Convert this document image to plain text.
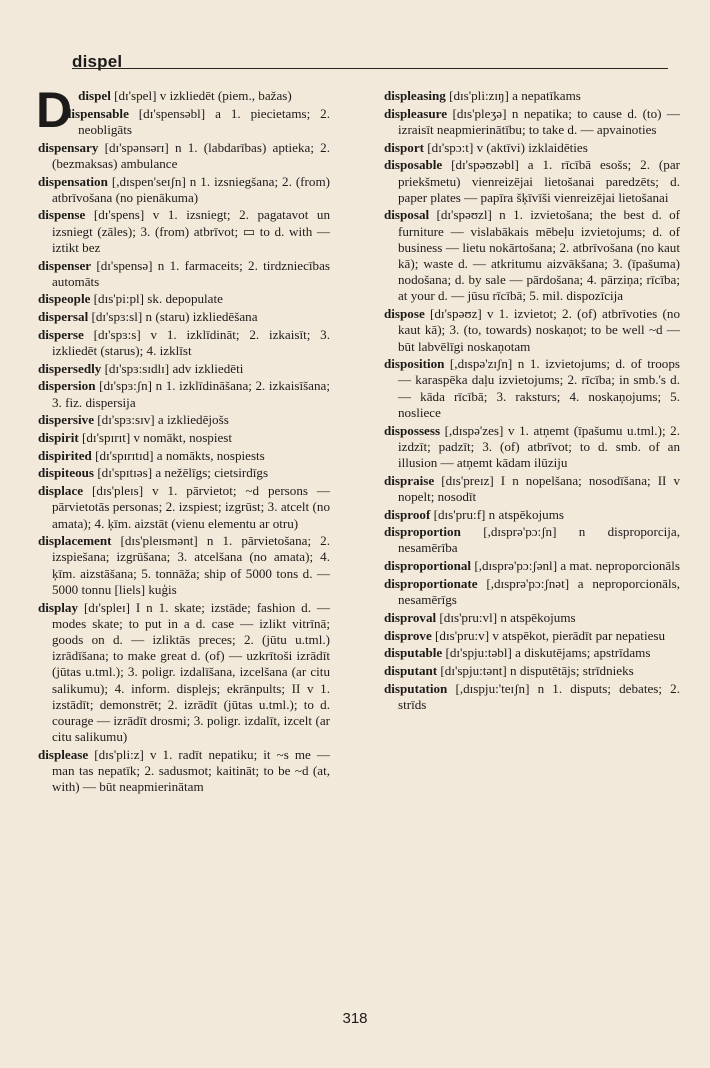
dispel

Ddispel [dɪ'spel] v izkliedēt (piem., bažas)

dispensable [dɪ'spensəbl] a 1. piecietams; 2. neobligāts

dispensary [dɪ'spənsərɪ] n 1. (labdarības) aptieka; 2. (bezmaksas) ambulance

dispensation [,dɪspen'seɪʃn] n 1. izsniegšana; 2. (from) atbrīvošana (no pienākuma)

dispense [dɪ'spens] v 1. izsniegt; 2. pagatavot un izsniegt (zāles); 3. (from) atbrīvot; ▭ to d. with — iztikt bez

dispenser [dɪ'spensə] n 1. farmaceits; 2. tirdzniecības automāts

dispeople [dɪs'pi:pl] sk. depopulate

dispersal [dɪ'spɜ:sl] n (staru) izkliedēšana

disperse [dɪ'spɜ:s] v 1. izklīdināt; 2. izkaisīt; 3. izkliedēt (starus); 4. izklīst

dispersedly [dɪ'spɜ:sɪdlɪ] adv izkliedēti

dispersion [dɪ'spɜ:ʃn] n 1. izklīdināšana; 2. izkaisīšana; 3. fiz. dispersija

dispersive [dɪ'spɜ:sɪv] a izkliedējošs

dispirit [dɪ'spɪrɪt] v nomākt, nospiest

dispirited [dɪ'spɪrɪtɪd] a nomākts, nospiests

dispiteous [dɪ'spɪtɪəs] a nežēlīgs; cietsirdīgs

displace [dɪs'pleɪs] v 1. pārvietot; ~d persons — pārvietotās personas; 2. izspiest; izgrūst; 3. atcelt (no amata); 4. ķīm. aizstāt (vienu elementu ar otru)

displacement [dɪs'pleɪsmənt] n 1. pārvietošana; 2. izspiešana; izgrūšana; 3. atcelšana (no amata); 4. ķīm. aizstāšana; 5. tonnāža; ship of 5000 tons d. — 5000 tonnu [liels] kuģis

display [dɪ'spleɪ] I n 1. skate; izstāde; fashion d. — modes skate; to put in a d. case — izlikt vitrīnā; goods on d. — izliktās preces; 2. (jūtu u.tml.) izrādīšana; to make great d. (of) — uzkrītoši izrādīt (jūtas u.tml.); 3. poligr. izdalīšana, izcelšana (ar citu salikumu); 4. inform. displejs; ekrānpults; II v 1. izstādīt; demonstrēt; 2. izrādīt (jūtas u.tml.); to d. courage — izrādīt drosmi; 3. poligr. izdalīt, izcelt (ar citu salikumu)

displease [dɪs'pli:z] v 1. radīt nepatiku; it ~s me — man tas nepatīk; 2. sadusmot; kaitināt; to be ~d (at, with) — būt neapmierinātam

displeasing [dɪs'pli:zɪŋ] a nepatīkams

displeasure [dɪs'pleʒə] n nepatika; to cause d. (to) — izraisīt neapmierinātību; to take d. — apvainoties

disport [dɪ'spɔ:t] v (aktīvi) izklaidēties

disposable [dɪ'spəʊzəbl] a 1. rīcībā esošs; 2. (par priekšmetu) vienreizējai lietošanai paredzēts; d. paper plates — papīra šķīvīši vienreizējai lietošanai

disposal [dɪ'spəʊzl] n 1. izvietošana; the best d. of furniture — vislabākais mēbeļu izvietojums; d. of business — lietu nokārtošana; 2. atbrīvošana (no kaut kā); waste d. — atkritumu aizvākšana; 3. (īpašuma) nodošana; d. by sale — pārdošana; 4. pārziņa; rīcība; at your d. — jūsu rīcībā; 5. mil. dispozīcija

dispose [dɪ'spəʊz] v 1. izvietot; 2. (of) atbrīvoties (no kaut kā); 3. (to, towards) noskaņot; to be well ~d — būt labvēlīgi noskaņotam

disposition [,dɪspə'zɪʃn] n 1. izvietojums; d. of troops — karaspēka daļu izvietojums; 2. rīcība; in smb.'s d. — kāda rīcībā; 3. raksturs; 4. noskaņojums; 5. nosliece

dispossess [,dɪspə'zes] v 1. atņemt (īpašumu u.tml.); 2. izdzīt; padzīt; 3. (of) atbrīvot; to d. smb. of an illusion — atņemt kādam ilūziju

dispraise [dɪs'preɪz] I n nopelšana; nosodīšana; II v nopelt; nosodīt

disproof [dɪs'pru:f] n atspēkojums

disproportion [,dɪsprə'pɔ:ʃn] n disproporcija, nesamērība

disproportional [,dɪsprə'pɔ:ʃənl] a mat. neproporcionāls

disproportionate [,dɪsprə'pɔ:ʃnət] a neproporcionāls, nesamērīgs

disproval [dɪs'pru:vl] n atspēkojums

disprove [dɪs'pru:v] v atspēkot, pierādīt par nepatiesu

disputable [dɪ'spju:təbl] a diskutējams; apstrīdams

disputant [dɪ'spju:tənt] n disputētājs; strīdnieks

disputation [,dɪspju:'teɪʃn] n 1. disputs; debates; 2. strīds

318
